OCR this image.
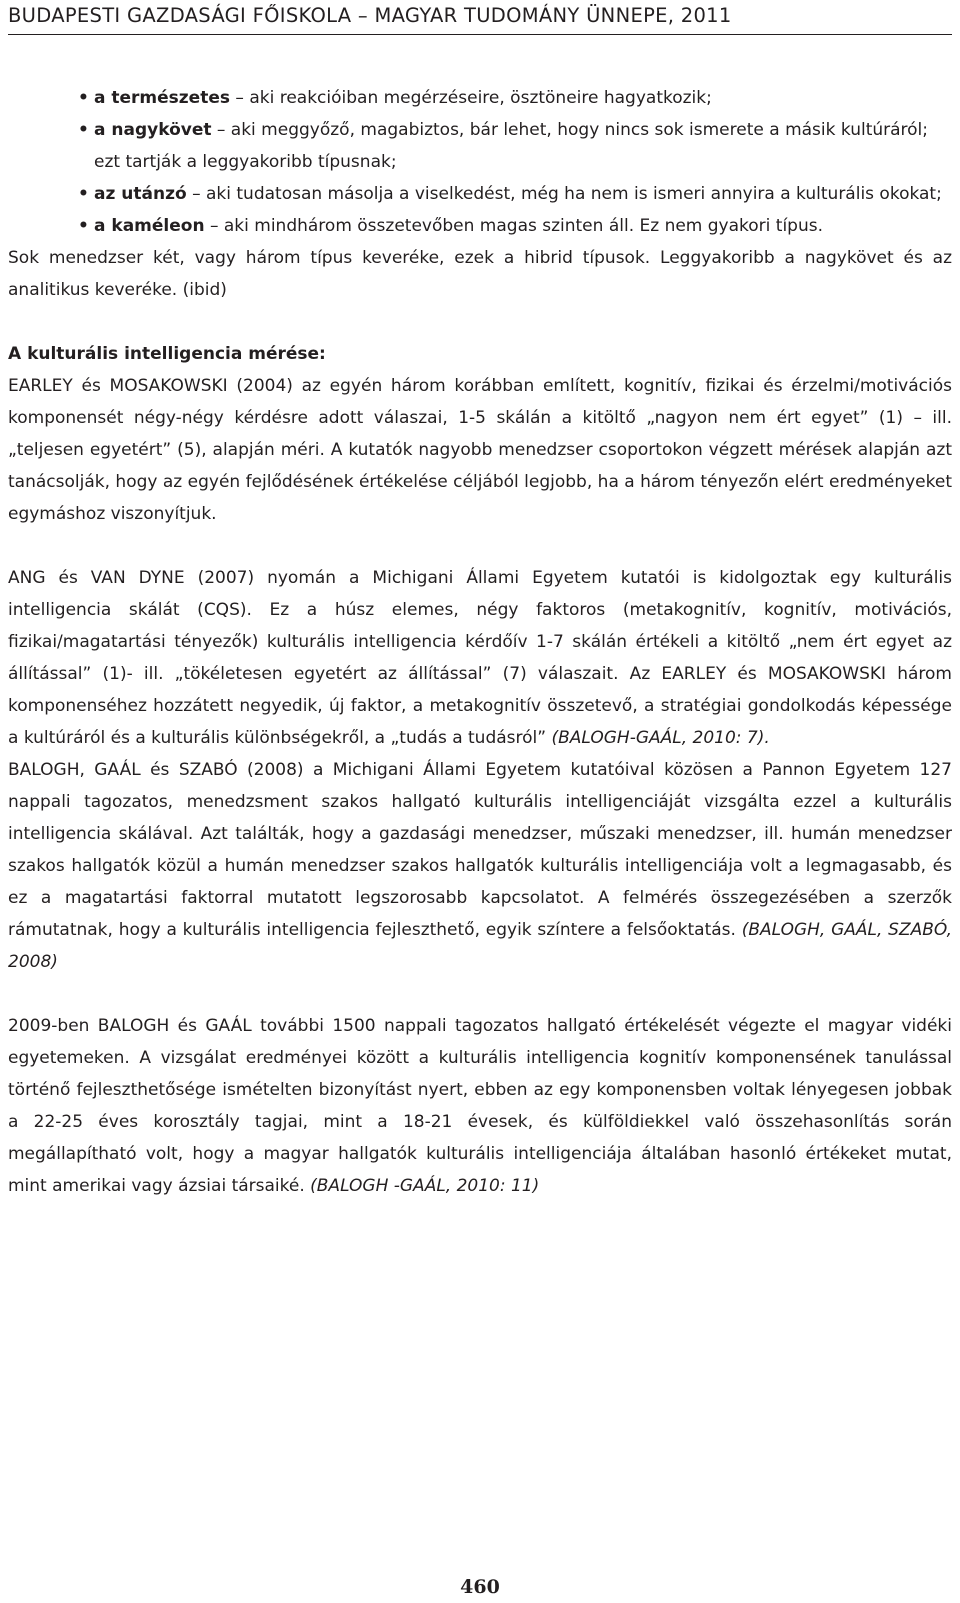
BUDAPESTI GAZDASÁGI FŐISKOLA – MAGYAR TUDOMÁNY ÜNNEPE, 2011

• a természetes – aki reakcióiban megérzéseire, ösztöneire hagyatkozik;

• a nagykövet – aki meggyőző, magabiztos, bár lehet, hogy nincs sok ismerete a másik kultúráról; ezt tartják a leggyakoribb típusnak;

• az utánzó – aki tudatosan másolja a viselkedést, még ha nem is ismeri annyira a kulturális okokat;

• a kaméleon – aki mindhárom összetevőben magas szinten áll. Ez nem gyakori típus.

Sok menedzser két, vagy három típus keveréke, ezek a hibrid típusok. Leggyakoribb a nagykövet és az analitikus keveréke. (ibid)

A kulturális intelligencia mérése:

EARLEY és MOSAKOWSKI (2004) az egyén három korábban említett, kognitív, fizikai és érzelmi/motivációs komponensét négy-négy kérdésre adott válaszai, 1-5 skálán a kitöltő „nagyon nem ért egyet” (1) – ill. „teljesen egyetért” (5), alapján méri. A kutatók nagyobb menedzser csoportokon végzett mérések alapján azt tanácsolják, hogy az egyén fejlődésének értékelése céljából legjobb, ha a három tényezőn elért eredményeket egymáshoz viszonyítjuk.

ANG és VAN DYNE (2007) nyomán a Michigani Állami Egyetem kutatói is kidolgoztak egy kulturális intelligencia skálát (CQS). Ez a húsz elemes, négy faktoros (metakognitív, kognitív, motivációs, fizikai/magatartási tényezők) kulturális intelligencia kérdőív 1-7 skálán értékeli a kitöltő „nem ért egyet az állítással” (1)- ill. „tökéletesen egyetért az állítással” (7) válaszait. Az EARLEY és MOSAKOWSKI három komponenséhez hozzátett negyedik, új faktor, a metakognitív összetevő, a stratégiai gondolkodás képessége a kultúráról és a kulturális különbségekről, a „tudás a tudásról” (BALOGH-GAÁL, 2010: 7).

BALOGH, GAÁL és SZABÓ (2008) a Michigani Állami Egyetem kutatóival közösen a Pannon Egyetem 127 nappali tagozatos, menedzsment szakos hallgató kulturális intelligenciáját vizsgálta ezzel a kulturális intelligencia skálával. Azt találták, hogy a gazdasági menedzser, műszaki menedzser, ill. humán menedzser szakos hallgatók közül a humán menedzser szakos hallgatók kulturális intelligenciája volt a legmagasabb, és ez a magatartási faktorral mutatott legszorosabb kapcsolatot. A felmérés összegezésében a szerzők rámutatnak, hogy a kulturális intelligencia fejleszthető, egyik színtere a felsőoktatás. (BALOGH, GAÁL, SZABÓ, 2008)

2009-ben BALOGH és GAÁL további 1500 nappali tagozatos hallgató értékelését végezte el magyar vidéki egyetemeken. A vizsgálat eredményei között a kulturális intelligencia kognitív komponensének tanulással történő fejleszthetősége ismételten bizonyítást nyert, ebben az egy komponensben voltak lényegesen jobbak a 22-25 éves korosztály tagjai, mint a 18-21 évesek, és külföldiekkel való összehasonlítás során megállapítható volt, hogy a magyar hallgatók kulturális intelligenciája általában hasonló értékeket mutat, mint amerikai vagy ázsiai társaiké. (BALOGH -GAÁL, 2010: 11)

460
